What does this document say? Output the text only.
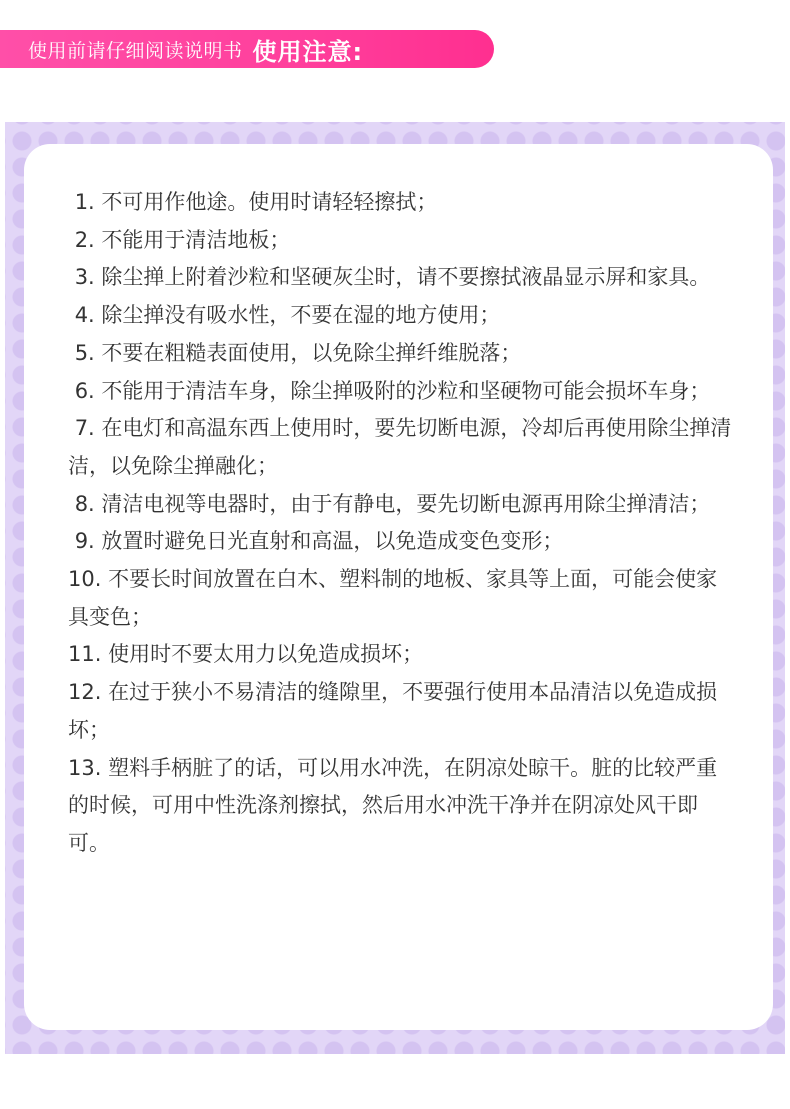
使用前请仔细阅读说明书 使用注意:
1. 不可用作他途。使用时请轻轻擦拭；
2. 不能用于清洁地板；
3. 除尘掸上附着沙粒和坚硬灰尘时，请不要擦拭液晶显示屏和家具。
4. 除尘掸没有吸水性，不要在湿的地方使用；
5. 不要在粗糙表面使用，以免除尘掸纤维脱落；
6. 不能用于清洁车身，除尘掸吸附的沙粒和坚硬物可能会损坏车身；
7. 在电灯和高温东西上使用时，要先切断电源，冷却后再使用除尘掸清洁，以免除尘掸融化；
8. 清洁电视等电器时，由于有静电，要先切断电源再用除尘掸清洁；
9. 放置时避免日光直射和高温，以免造成变色变形；
10. 不要长时间放置在白木、塑料制的地板、家具等上面，可能会使家具变色；
11. 使用时不要太用力以免造成损坏；
12. 在过于狭小不易清洁的缝隙里，不要强行使用本品清洁以免造成损坏；
13. 塑料手柄脏了的话，可以用水冲洗，在阴凉处晾干。脏的比较严重的时候，可用中性洗涤剂擦拭，然后用水冲洗干净并在阴凉处风干即可。
